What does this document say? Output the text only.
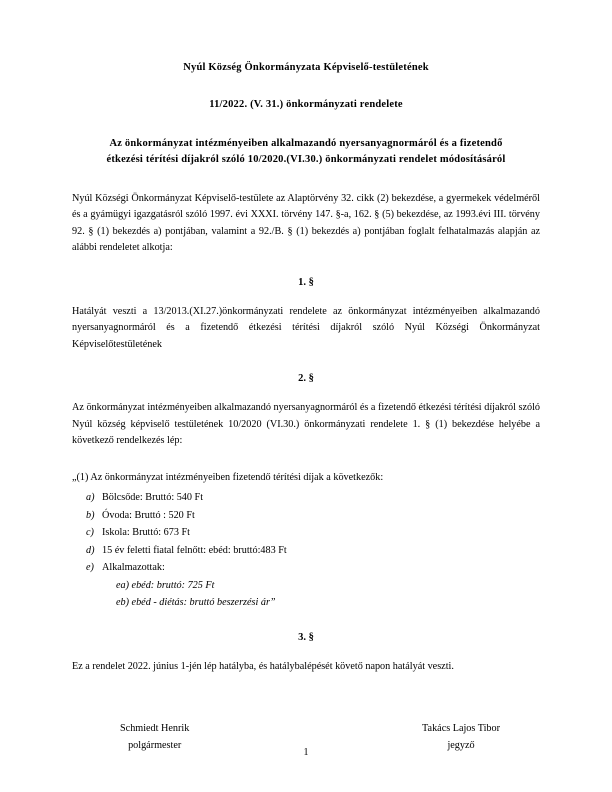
Nyúl Község Önkormányzata Képviselő-testületének
11/2022. (V. 31.) önkormányzati rendelete
Az önkormányzat intézményeiben alkalmazandó nyersanyagnormáról és a fizetendő étkezési térítési díjakról szóló 10/2020.(VI.30.) önkormányzati rendelet módosításáról
Nyúl Községi Önkormányzat Képviselő-testülete az Alaptörvény 32. cikk (2) bekezdése, a gyermekek védelméről és a gyámügyi igazgatásról szóló 1997. évi XXXI. törvény 147. §-a, 162. § (5) bekezdése, az 1993.évi III. törvény 92. § (1) bekezdés a) pontjában, valamint a 92./B. § (1) bekezdés a) pontjában foglalt felhatalmazás alapján az alábbi rendeletet alkotja:
1. §
Hatályát veszti a 13/2013.(XI.27.)önkormányzati rendelete az önkormányzat intézményeiben alkalmazandó nyersanyagnormáról és a fizetendő étkezési térítési díjakról szóló Nyúl Községi Önkormányzat Képviselőtestületének
2. §
Az önkormányzat intézményeiben alkalmazandó nyersanyagnormáról és a fizetendő étkezési térítési díjakról szóló Nyúl község képviselő testületének 10/2020 (VI.30.) önkormányzati rendelete 1. § (1) bekezdése helyébe a következő rendelkezés lép:
„(1) Az önkormányzat intézményeiben fizetendő térítési díjak a következők:
a) Bölcsőde: Bruttó: 540 Ft
b) Óvoda: Bruttó : 520 Ft
c) Iskola: Bruttó: 673 Ft
d) 15 év feletti fiatal felnőtt: ebéd: bruttó:483 Ft
e) Alkalmazottak:
ea) ebéd: bruttó: 725 Ft
eb) ebéd - diétás: bruttó beszerzési ár”
3. §
Ez a rendelet 2022. június 1-jén lép hatályba, és hatálybalépését követő napon hatályát veszti.
Schmiedt Henrik
polgármester
Takács Lajos Tibor
jegyző
1
